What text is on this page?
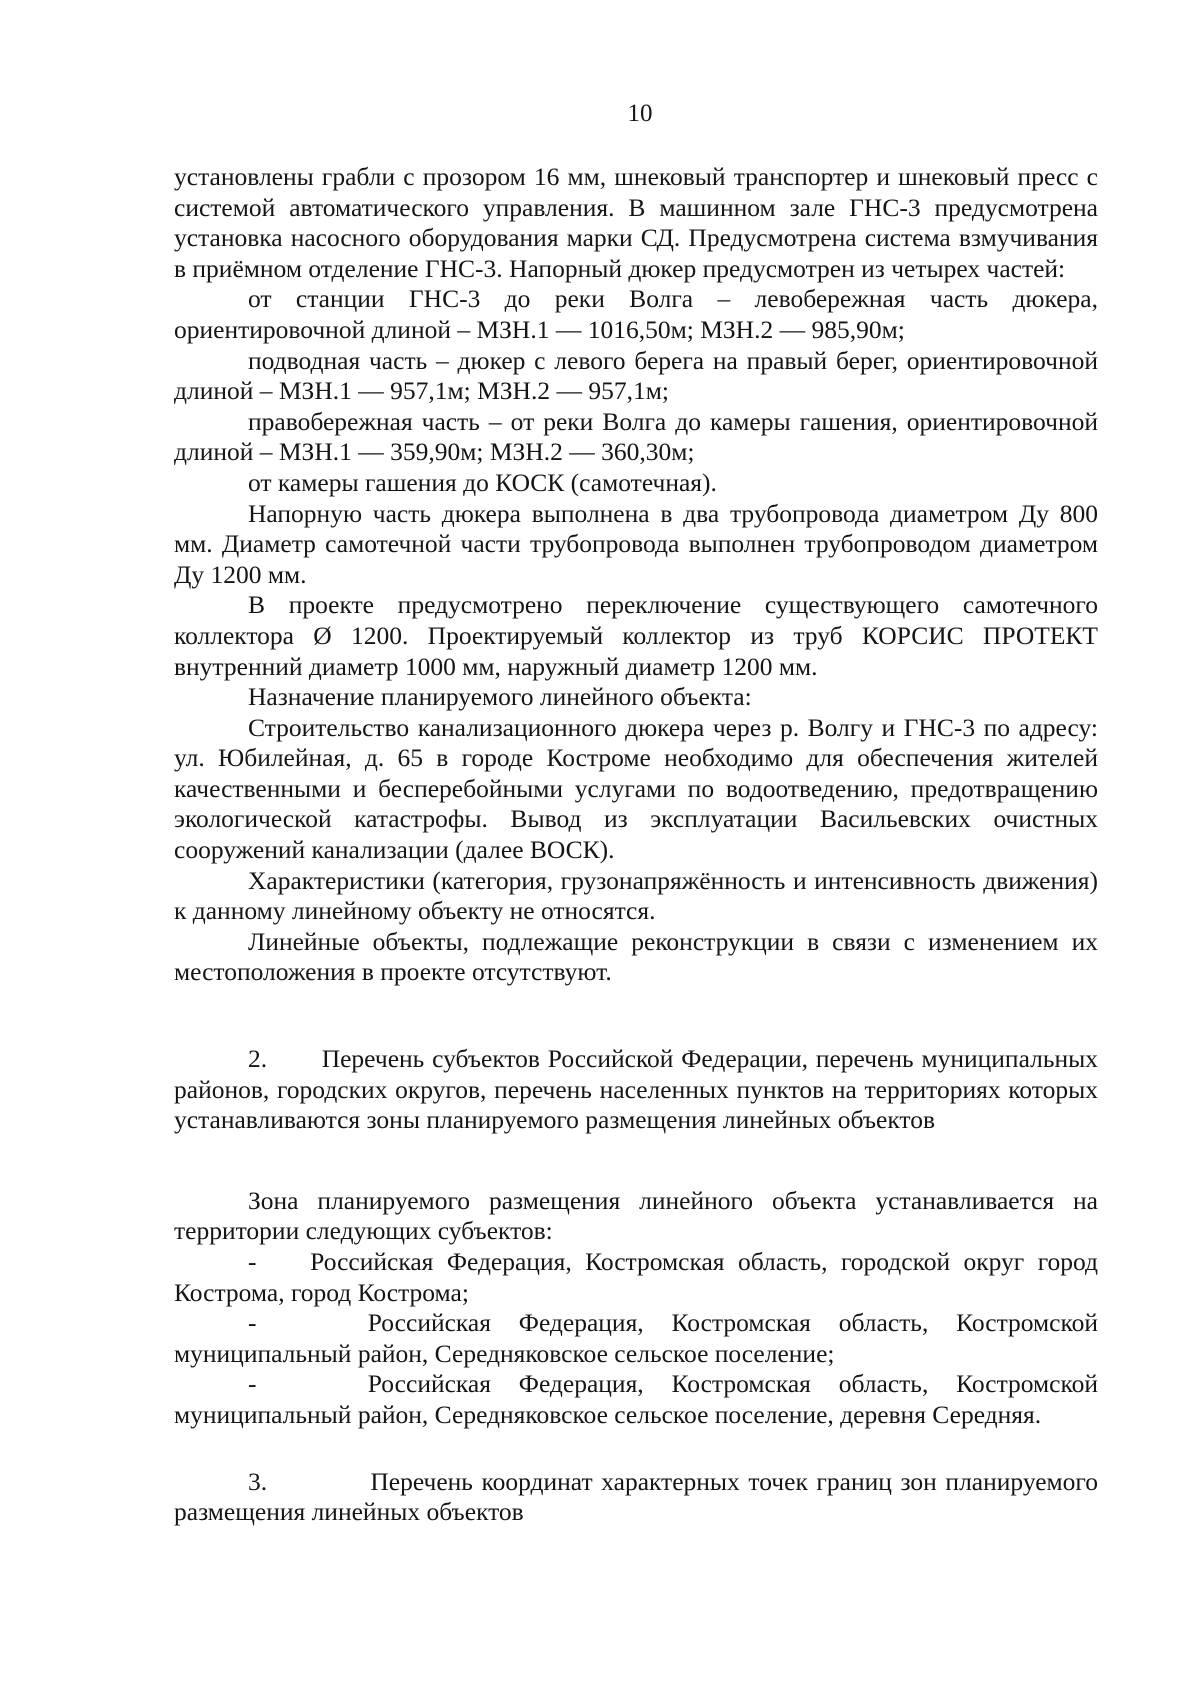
10

установлены грабли с прозором 16 мм, шнековый транспортер и шнековый пресс с системой автоматического управления. В машинном зале ГНС-3 предусмотрена установка насосного оборудования марки СД. Предусмотрена система взмучивания в приёмном отделение ГНС-3. Напорный дюкер предусмотрен из четырех частей:

от станции ГНС-3 до реки Волга – левобережная часть дюкера, ориентировочной длиной – МЗН.1 — 1016,50м; МЗН.2 — 985,90м;

подводная часть – дюкер с левого берега на правый берег, ориентировочной длиной – МЗН.1 — 957,1м; МЗН.2 — 957,1м;

правобережная часть – от реки Волга до камеры гашения, ориентировочной длиной – МЗН.1 — 359,90м; МЗН.2 — 360,30м;

от камеры гашения до КОСК (самотечная).

Напорную часть дюкера выполнена в два трубопровода диаметром Ду 800 мм. Диаметр самотечной части трубопровода выполнен трубопроводом диаметром Ду 1200 мм.

В проекте предусмотрено переключение существующего самотечного коллектора Ø 1200. Проектируемый коллектор из труб КОРСИС ПРОТЕКТ внутренний диаметр 1000 мм, наружный диаметр 1200 мм.

Назначение планируемого линейного объекта:

Строительство канализационного дюкера через р. Волгу и ГНС-3 по адресу: ул. Юбилейная, д. 65 в городе Костроме необходимо для обеспечения жителей качественными и бесперебойными услугами по водоотведению, предотвращению экологической катастрофы. Вывод из эксплуатации Васильевских очистных сооружений канализации (далее ВОСК).

Характеристики (категория, грузонапряжённость и интенсивность движения) к данному линейному объекту не относятся.

Линейные объекты, подлежащие реконструкции в связи с изменением их местоположения в проекте отсутствуют.

2. Перечень субъектов Российской Федерации, перечень муниципальных районов, городских округов, перечень населенных пунктов на территориях которых устанавливаются зоны планируемого размещения линейных объектов

Зона планируемого размещения линейного объекта устанавливается на территории следующих субъектов:

- Российская Федерация, Костромская область, городской округ город Кострома, город Кострома;

-	Российская Федерация, Костромская область, Костромской муниципальный район, Середняковское сельское поселение;

-	Российская Федерация, Костромская область, Костромской муниципальный район, Середняковское сельское поселение, деревня Середняя.

3.	Перечень координат характерных точек границ зон планируемого размещения линейных объектов
